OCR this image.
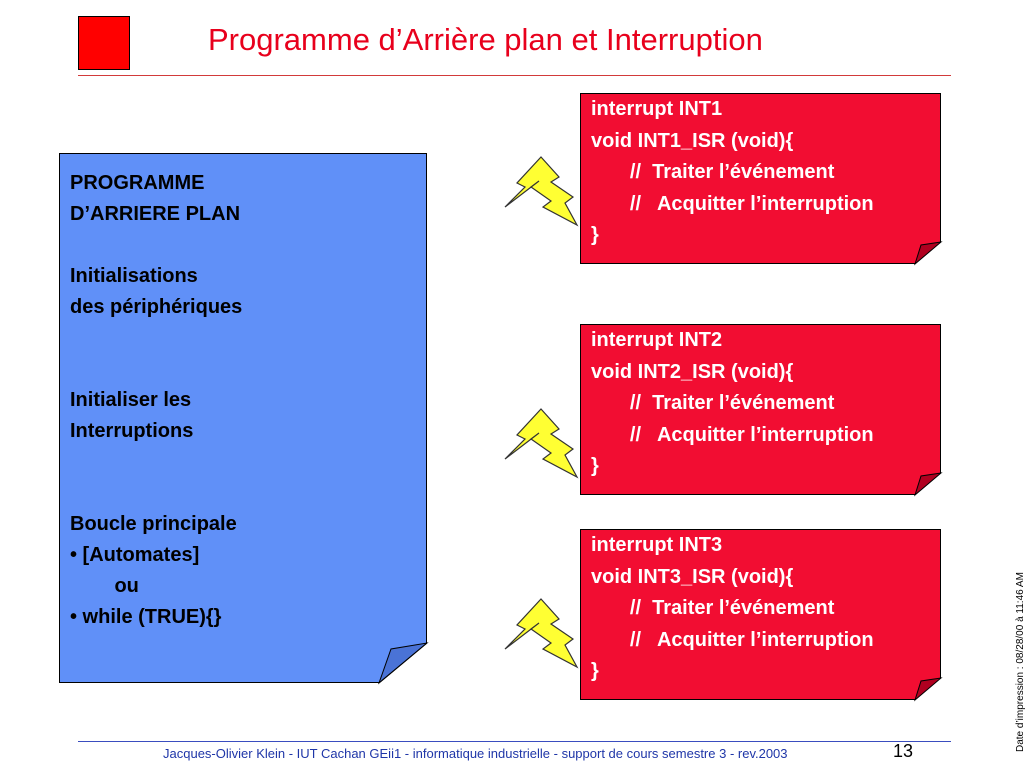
Programme d’Arrière plan et Interruption
PROGRAMME
D’ARRIERE PLAN
Initialisations
des périphériques
Initialiser les
Interruptions
Boucle principale
• [Automates]
ou
• while (TRUE){}
interrupt INT1
void INT1_ISR (void){
//  Traiter l’événement
//   Acquitter l’interruption
}
interrupt INT2
void INT2_ISR (void){
//  Traiter l’événement
//   Acquitter l’interruption
}
interrupt INT3
void INT3_ISR (void){
//  Traiter l’événement
//   Acquitter l’interruption
}
Jacques-Olivier Klein - IUT Cachan GEii1 - informatique industrielle - support de cours semestre 3 - rev.2003	13	Date d’impression : 08/28/00 à 11:46 AM
